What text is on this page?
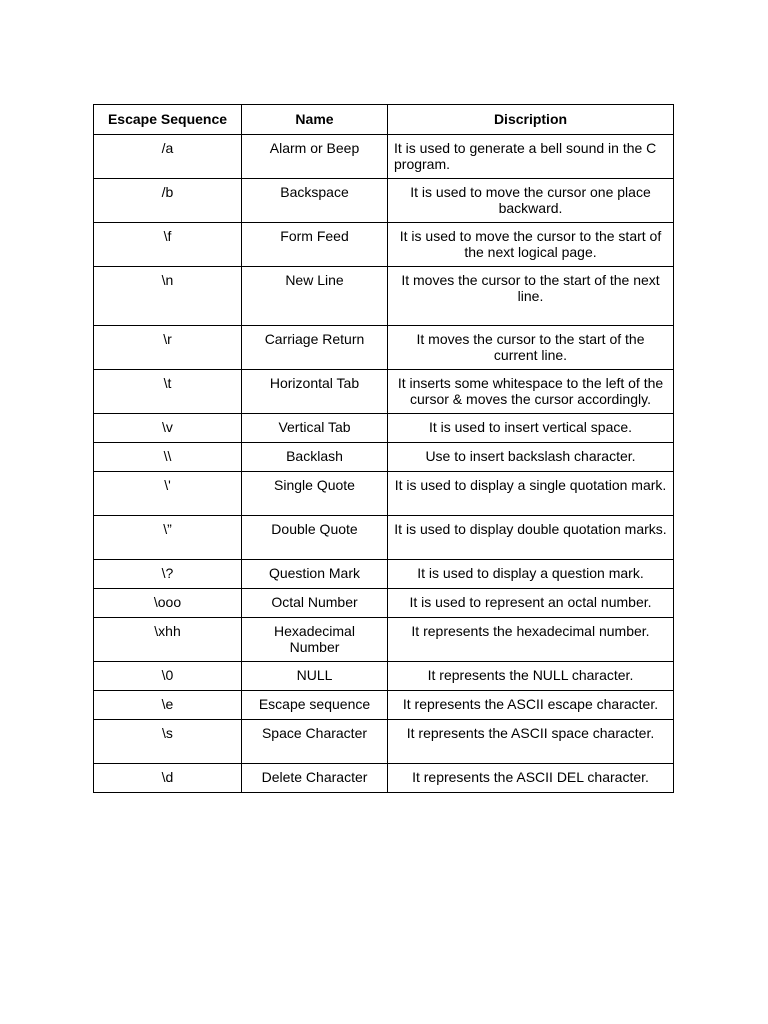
Escape Sequence	Name	Discription
/a	Alarm or Beep	It is used to generate a bell sound in the C program.
/b	Backspace	It is used to move the cursor one place backward.
\f	Form Feed	It is used to move the cursor to the start of the next logical page.
\n	New Line	It moves the cursor to the start of the next line.
\r	Carriage Return	It moves the cursor to the start of the current line.
\t	Horizontal Tab	It inserts some whitespace to the left of the cursor & moves the cursor accordingly.
\v	Vertical Tab	It is used to insert vertical space.
\\	Backlash	Use to insert backslash character.
\'	Single Quote	It is used to display a single quotation mark.
\”	Double Quote	It is used to display double quotation marks.
\?	Question Mark	It is used to display a question mark.
\ooo	Octal Number	It is used to represent an octal number.
\xhh	Hexadecimal Number	It represents the hexadecimal number.
\0	NULL	It represents the NULL character.
\e	Escape sequence	It represents the ASCII escape character.
\s	Space Character	It represents the ASCII space character.
\d	Delete Character	It represents the ASCII DEL character.
